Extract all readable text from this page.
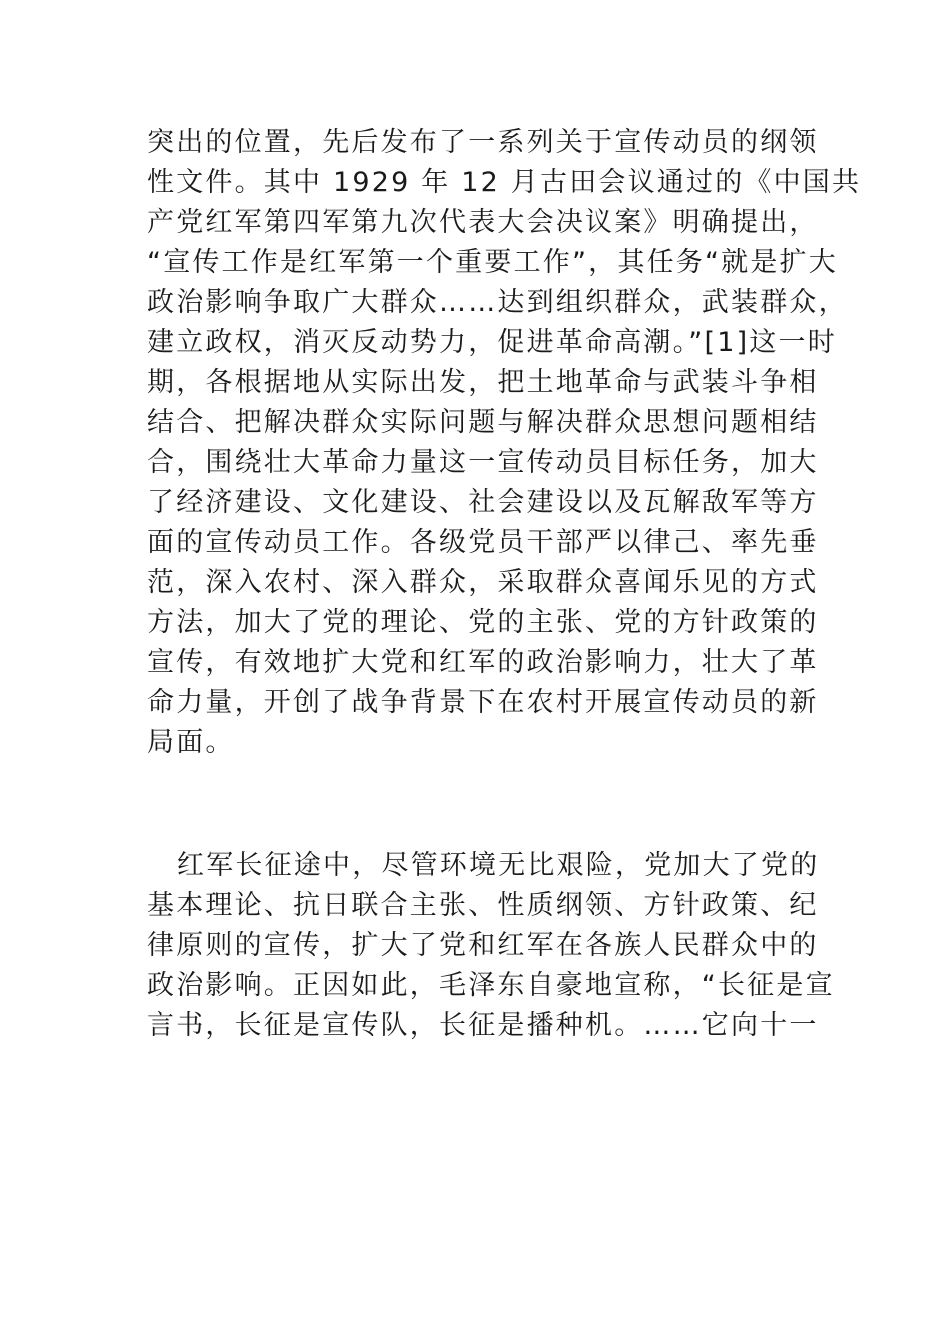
突出的位置，先后发布了一系列关于宣传动员的纲领
性文件。其中 1929 年 12 月古田会议通过的《中国共
产党红军第四军第九次代表大会决议案》明确提出，
“宣传工作是红军第一个重要工作”，其任务“就是扩大
政治影响争取广大群众……达到组织群众，武装群众，
建立政权，消灭反动势力，促进革命高潮。”[1]这一时
期，各根据地从实际出发，把土地革命与武装斗争相
结合、把解决群众实际问题与解决群众思想问题相结
合，围绕壮大革命力量这一宣传动员目标任务，加大
了经济建设、文化建设、社会建设以及瓦解敌军等方
面的宣传动员工作。各级党员干部严以律己、率先垂
范，深入农村、深入群众，采取群众喜闻乐见的方式
方法，加大了党的理论、党的主张、党的方针政策的
宣传，有效地扩大党和红军的政治影响力，壮大了革
命力量，开创了战争背景下在农村开展宣传动员的新
局面。
红军长征途中，尽管环境无比艰险，党加大了党的
基本理论、抗日联合主张、性质纲领、方针政策、纪
律原则的宣传，扩大了党和红军在各族人民群众中的
政治影响。正因如此，毛泽东自豪地宣称，“长征是宣
言书，长征是宣传队，长征是播种机。……它向十一
